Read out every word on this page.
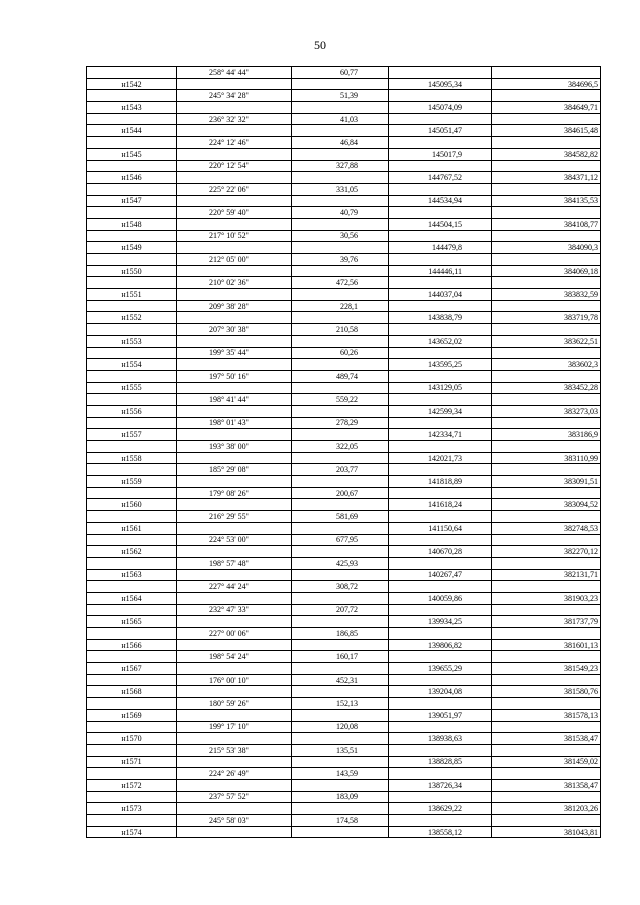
50
	258° 44' 44"	60,77		
н1542			145095,34	384696,5
	245° 34' 28"	51,39		
н1543			145074,09	384649,71
	236° 32' 32"	41,03		
н1544			145051,47	384615,48
	224° 12' 46"	46,84		
н1545			145017,9	384582,82
	220° 12' 54"	327,88		
н1546			144767,52	384371,12
	225° 22' 06"	331,05		
н1547			144534,94	384135,53
	220° 59' 40"	40,79		
н1548			144504,15	384108,77
	217° 10' 52"	30,56		
н1549			144479,8	384090,3
	212° 05' 00"	39,76		
н1550			144446,11	384069,18
	210° 02' 36"	472,56		
н1551			144037,04	383832,59
	209° 38' 28"	228,1		
н1552			143838,79	383719,78
	207° 30' 38"	210,58		
н1553			143652,02	383622,51
	199° 35' 44"	60,26		
н1554			143595,25	383602,3
	197° 50' 16"	489,74		
н1555			143129,05	383452,28
	198° 41' 44"	559,22		
н1556			142599,34	383273,03
	198° 01' 43"	278,29		
н1557			142334,71	383186,9
	193° 38' 00"	322,05		
н1558			142021,73	383110,99
	185° 29' 08"	203,77		
н1559			141818,89	383091,51
	179° 08' 26"	200,67		
н1560			141618,24	383094,52
	216° 29' 55"	581,69		
н1561			141150,64	382748,53
	224° 53' 00"	677,95		
н1562			140670,28	382270,12
	198° 57' 48"	425,93		
н1563			140267,47	382131,71
	227° 44' 24"	308,72		
н1564			140059,86	381903,23
	232° 47' 33"	207,72		
н1565			139934,25	381737,79
	227° 00' 06"	186,85		
н1566			139806,82	381601,13
	198° 54' 24"	160,17		
н1567			139655,29	381549,23
	176° 00' 10"	452,31		
н1568			139204,08	381580,76
	180° 59' 26"	152,13		
н1569			139051,97	381578,13
	199° 17' 10"	120,08		
н1570			138938,63	381538,47
	215° 53' 38"	135,51		
н1571			138828,85	381459,02
	224° 26' 49"	143,59		
н1572			138726,34	381358,47
	237° 57' 52"	183,09		
н1573			138629,22	381203,26
	245° 58' 03"	174,58		
н1574			138558,12	381043,81
